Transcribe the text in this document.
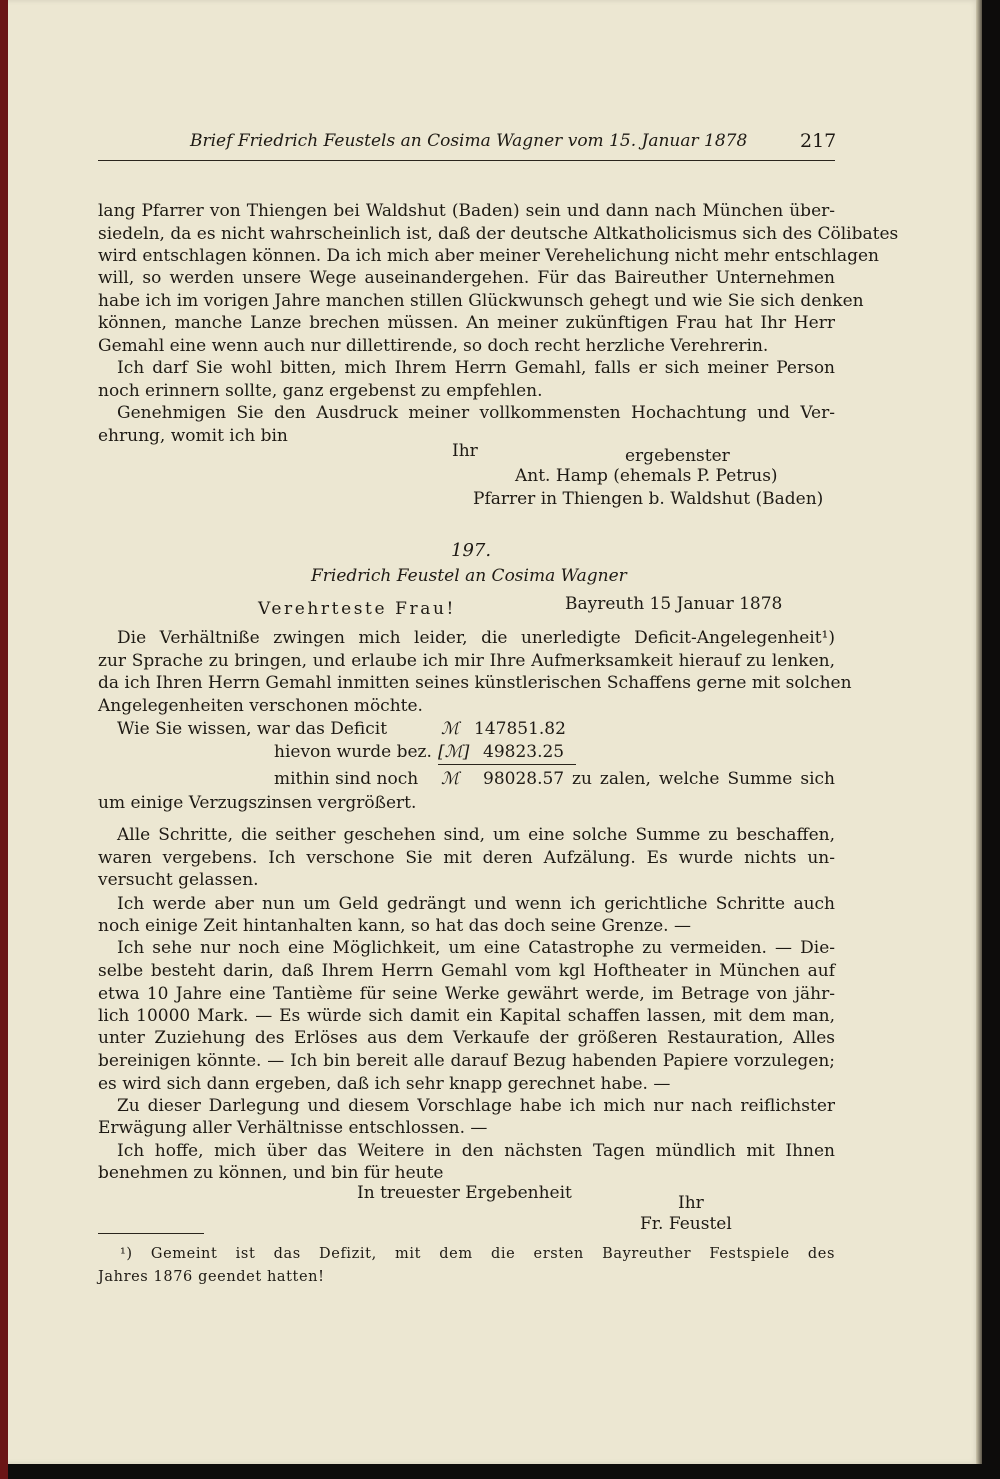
Brief Friedrich Feustels an Cosima Wagner vom 15. Januar 1878	217
lang Pfarrer von Thiengen bei Waldshut (Baden) sein und dann nach München über-
siedeln, da es nicht wahrscheinlich ist, daß der deutsche Altkatholicismus sich des Cölibates
wird entschlagen können. Da ich mich aber meiner Verehelichung nicht mehr entschlagen
will, so werden unsere Wege auseinandergehen. Für das Baireuther Unternehmen
habe ich im vorigen Jahre manchen stillen Glückwunsch gehegt und wie Sie sich denken
können, manche Lanze brechen müssen. An meiner zukünftigen Frau hat Ihr Herr
Gemahl eine wenn auch nur dillettirende, so doch recht herzliche Verehrerin.
Ich darf Sie wohl bitten, mich Ihrem Herrn Gemahl, falls er sich meiner Person
noch erinnern sollte, ganz ergebenst zu empfehlen.
Genehmigen Sie den Ausdruck meiner vollkommensten Hochachtung und Ver-
ehrung, womit ich bin
Ihr	ergebenster
Ant. Hamp (ehemals P. Petrus)
Pfarrer in Thiengen b. Waldshut (Baden)
197.
Friedrich Feustel an Cosima Wagner
Verehrteste Frau!	Bayreuth 15 Januar 1878
Die Verhältniße zwingen mich leider, die unerledigte Deficit-Angelegenheit¹)
zur Sprache zu bringen, und erlaube ich mir Ihre Aufmerksamkeit hierauf zu lenken,
da ich Ihren Herrn Gemahl inmitten seines künstlerischen Schaffens gerne mit solchen
Angelegenheiten verschonen möchte.
Wie Sie wissen, war das Deficit	ℳ 147851.82
hievon wurde bez. [ℳ] 49823.25
mithin sind noch ℳ 98028.57 zu zalen, welche Summe sich
um einige Verzugszinsen vergrößert.
Alle Schritte, die seither geschehen sind, um eine solche Summe zu beschaffen,
waren vergebens. Ich verschone Sie mit deren Aufzälung. Es wurde nichts un-
versucht gelassen.
Ich werde aber nun um Geld gedrängt und wenn ich gerichtliche Schritte auch
noch einige Zeit hintanhalten kann, so hat das doch seine Grenze. —
Ich sehe nur noch eine Möglichkeit, um eine Catastrophe zu vermeiden. — Die-
selbe besteht darin, daß Ihrem Herrn Gemahl vom kgl Hoftheater in München auf
etwa 10 Jahre eine Tantième für seine Werke gewährt werde, im Betrage von jähr-
lich 10000 Mark. — Es würde sich damit ein Kapital schaffen lassen, mit dem man,
unter Zuziehung des Erlöses aus dem Verkaufe der größeren Restauration, Alles
bereinigen könnte. — Ich bin bereit alle darauf Bezug habenden Papiere vorzulegen;
es wird sich dann ergeben, daß ich sehr knapp gerechnet habe. —
Zu dieser Darlegung und diesem Vorschlage habe ich mich nur nach reiflichster
Erwägung aller Verhältnisse entschlossen. —
Ich hoffe, mich über das Weitere in den nächsten Tagen mündlich mit Ihnen
benehmen zu können, und bin für heute
In treuester Ergebenheit	Ihr
Fr. Feustel
¹) Gemeint ist das Defizit, mit dem die ersten Bayreuther Festspiele des
Jahres 1876 geendet hatten!
